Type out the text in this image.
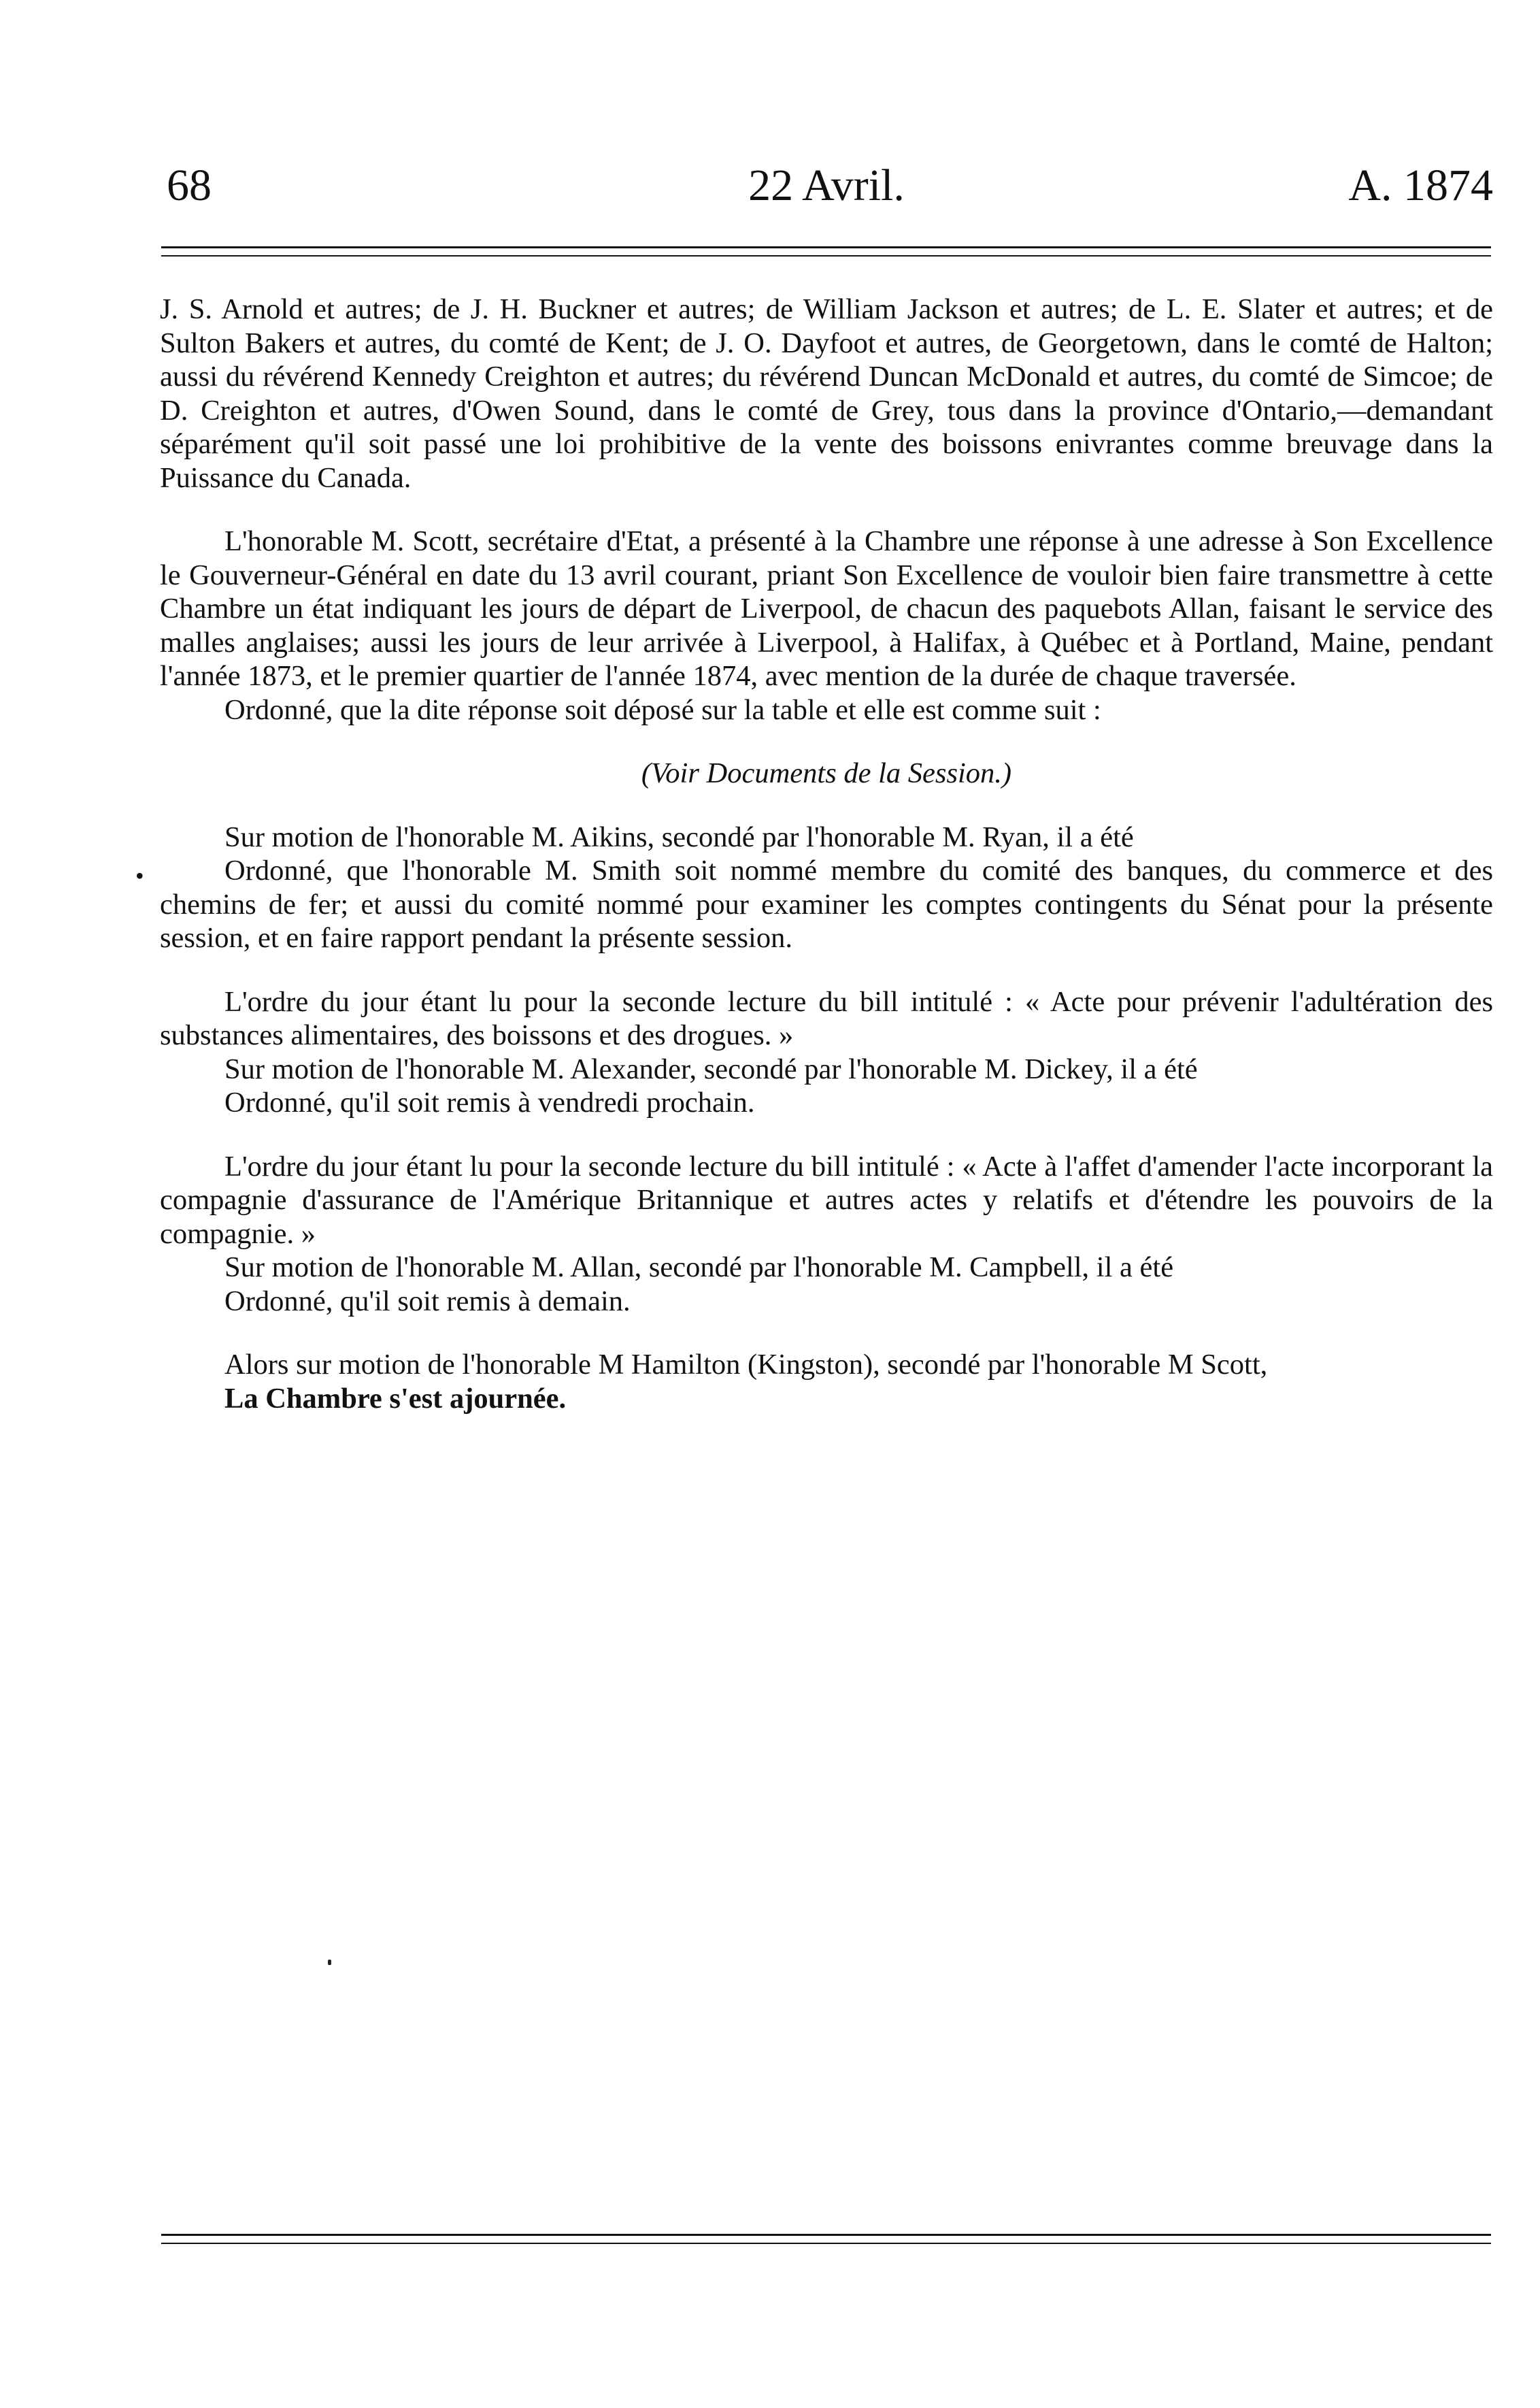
68	22 Avril.	A. 1874

J. S. Arnold et autres; de J. H. Buckner et autres; de William Jackson et autres; de L. E. Slater et autres; et de Sulton Bakers et autres, du comté de Kent; de J. O. Dayfoot et autres, de Georgetown, dans le comté de Halton; aussi du révérend Kennedy Creighton et autres; du révérend Duncan McDonald et autres, du comté de Simcoe; de D. Creighton et autres, d'Owen Sound, dans le comté de Grey, tous dans la province d'Ontario,—demandant séparément qu'il soit passé une loi prohibitive de la vente des boissons enivrantes comme breuvage dans la Puissance du Canada.

L'honorable M. Scott, secrétaire d'Etat, a présenté à la Chambre une réponse à une adresse à Son Excellence le Gouverneur-Général en date du 13 avril courant, priant Son Excellence de vouloir bien faire transmettre à cette Chambre un état indiquant les jours de départ de Liverpool, de chacun des paquebots Allan, faisant le service des malles anglaises; aussi les jours de leur arrivée à Liverpool, à Halifax, à Québec et à Portland, Maine, pendant l'année 1873, et le premier quartier de l'année 1874, avec mention de la durée de chaque traversée.

Ordonné, que la dite réponse soit déposé sur la table et elle est comme suit :

(Voir Documents de la Session.)

Sur motion de l'honorable M. Aikins, secondé par l'honorable M. Ryan, il a été

Ordonné, que l'honorable M. Smith soit nommé membre du comité des banques, du commerce et des chemins de fer; et aussi du comité nommé pour examiner les comptes contingents du Sénat pour la présente session, et en faire rapport pendant la présente session.

L'ordre du jour étant lu pour la seconde lecture du bill intitulé : « Acte pour prévenir l'adultération des substances alimentaires, des boissons et des drogues. »

Sur motion de l'honorable M. Alexander, secondé par l'honorable M. Dickey, il a été

Ordonné, qu'il soit remis à vendredi prochain.

L'ordre du jour étant lu pour la seconde lecture du bill intitulé : « Acte à l'affet d'amender l'acte incorporant la compagnie d'assurance de l'Amérique Britannique et autres actes y relatifs et d'étendre les pouvoirs de la compagnie. »

Sur motion de l'honorable M. Allan, secondé par l'honorable M. Campbell, il a été

Ordonné, qu'il soit remis à demain.

Alors sur motion de l'honorable M Hamilton (Kingston), secondé par l'honorable M Scott,

La Chambre s'est ajournée.

•
